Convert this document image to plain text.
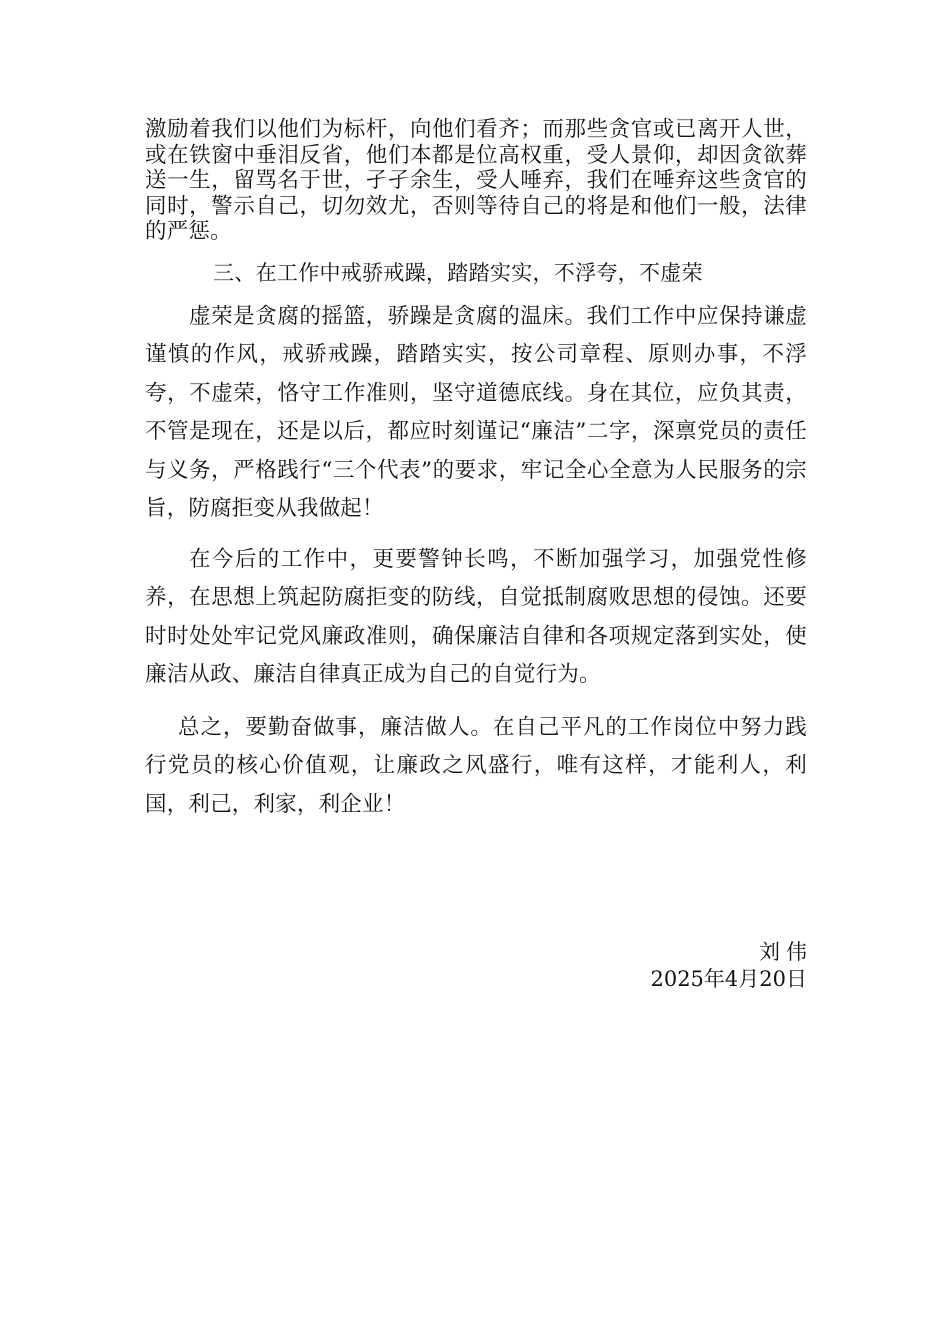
激励着我们以他们为标杆，向他们看齐；而那些贪官或已离开人世，或在铁窗中垂泪反省，他们本都是位高权重，受人景仰，却因贪欲葬送一生，留骂名于世，孑孑余生，受人唾弃，我们在唾弃这些贪官的同时，警示自己，切勿效尤，否则等待自己的将是和他们一般，法律的严惩。

三、在工作中戒骄戒躁，踏踏实实，不浮夸，不虚荣

虚荣是贪腐的摇篮，骄躁是贪腐的温床。我们工作中应保持谦虚谨慎的作风，戒骄戒躁，踏踏实实，按公司章程、原则办事，不浮夸，不虚荣，恪守工作准则，坚守道德底线。身在其位，应负其责，不管是现在，还是以后，都应时刻谨记“廉洁”二字，深禀党员的责任与义务，严格践行“三个代表”的要求，牢记全心全意为人民服务的宗旨，防腐拒变从我做起！

在今后的工作中，更要警钟长鸣，不断加强学习，加强党性修养，在思想上筑起防腐拒变的防线，自觉抵制腐败思想的侵蚀。还要时时处处牢记党风廉政准则，确保廉洁自律和各项规定落到实处，使廉洁从政、廉洁自律真正成为自己的自觉行为。

总之，要勤奋做事，廉洁做人。在自己平凡的工作岗位中努力践行党员的核心价值观，让廉政之风盛行，唯有这样，才能利人，利国，利己，利家，利企业！

刘伟
2025年4月20日
